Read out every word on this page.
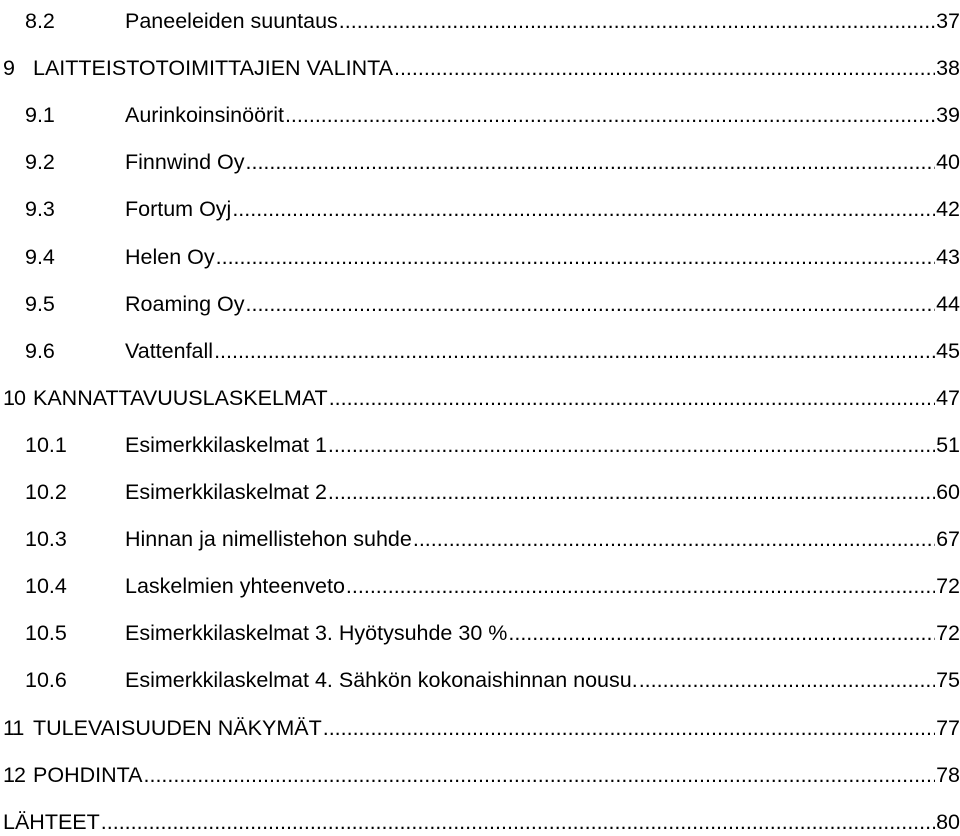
8.2	Paneeleiden suuntaus .....	37
9 LAITTEISTOTOIMITTAJIEN VALINTA .....	38
9.1	Aurinkoinsinöörit .....	39
9.2	Finnwind Oy .....	40
9.3	Fortum Oyj .....	42
9.4	Helen Oy .....	43
9.5	Roaming Oy .....	44
9.6	Vattenfall .....	45
10 KANNATTAVUUSLASKELMAT .....	47
10.1	Esimerkkilaskelmat 1 .....	51
10.2	Esimerkkilaskelmat 2 .....	60
10.3	Hinnan ja nimellistehon suhde .....	67
10.4	Laskelmien yhteenveto .....	72
10.5	Esimerkkilaskelmat 3. Hyötysuhde 30 % .....	72
10.6	Esimerkkilaskelmat 4. Sähkön kokonaishinnan nousu. .....	75
11 TULEVAISUUDEN NÄKYMÄT .....	77
12 POHDINTA .....	78
LÄHTEET .....	80
